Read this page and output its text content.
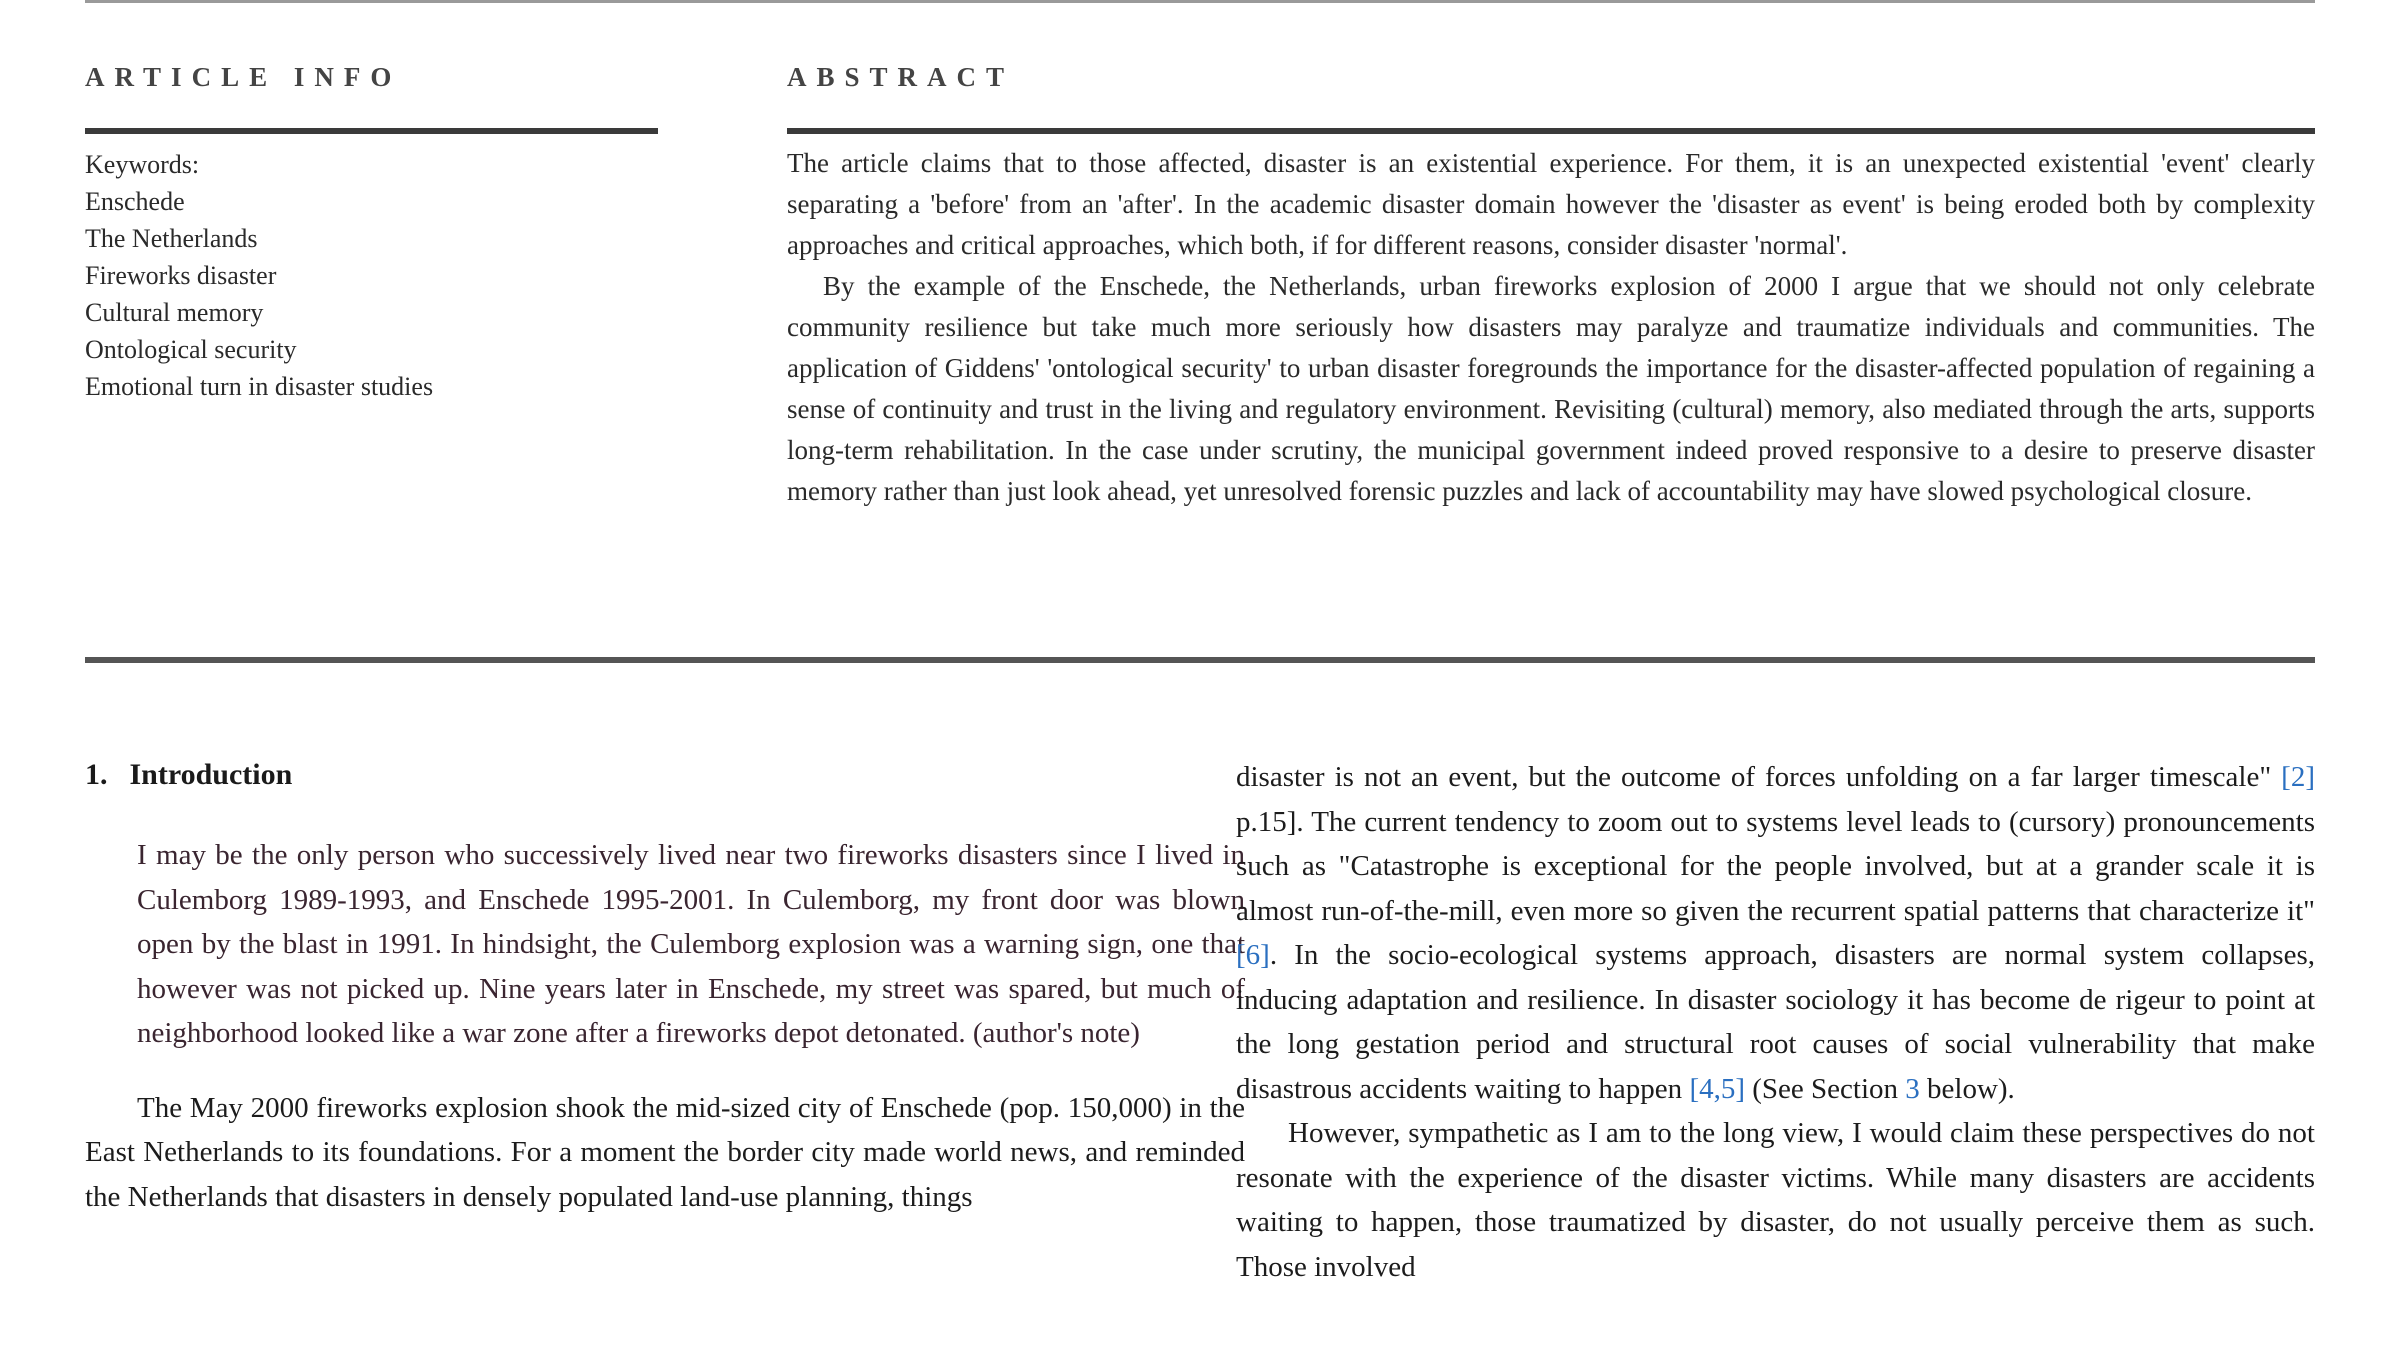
ARTICLE INFO	ABSTRACT

Keywords:

Enschede

The Netherlands

Fireworks disaster

Cultural memory

Ontological security

Emotional turn in disaster studies

The article claims that to those affected, disaster is an existential experience. For them, it is an unexpected existential 'event' clearly separating a 'before' from an 'after'. In the academic disaster domain however the 'disaster as event' is being eroded both by complexity approaches and critical approaches, which both, if for different reasons, consider disaster 'normal'.

By the example of the Enschede, the Netherlands, urban fireworks explosion of 2000 I argue that we should not only celebrate community resilience but take much more seriously how disasters may paralyze and traumatize individuals and communities. The application of Giddens' 'ontological security' to urban disaster foregrounds the importance for the disaster-affected population of regaining a sense of continuity and trust in the living and regulatory environment. Revisiting (cultural) memory, also mediated through the arts, supports long-term rehabilitation. In the case under scrutiny, the municipal government indeed proved responsive to a desire to preserve disaster memory rather than just look ahead, yet unresolved forensic puzzles and lack of accountability may have slowed psychological closure.

1. Introduction

I may be the only person who successively lived near two fireworks disasters since I lived in Culemborg 1989-1993, and Enschede 1995-2001. In Culemborg, my front door was blown open by the blast in 1991. In hindsight, the Culemborg explosion was a warning sign, one that however was not picked up. Nine years later in Enschede, my street was spared, but much of neighborhood looked like a war zone after a fireworks depot detonated. (author's note)

The May 2000 fireworks explosion shook the mid-sized city of Enschede (pop. 150,000) in the East Netherlands to its foundations. For a moment the border city made world news, and reminded the Netherlands that disasters in densely populated land-use planning, things

disaster is not an event, but the outcome of forces unfolding on a far larger timescale" [2] p.15]. The current tendency to zoom out to systems level leads to (cursory) pronouncements such as "Catastrophe is exceptional for the people involved, but at a grander scale it is almost run-of-the-mill, even more so given the recurrent spatial patterns that characterize it" [6]. In the socio-ecological systems approach, disasters are normal system collapses, inducing adaptation and resilience. In disaster sociology it has become de rigeur to point at the long gestation period and structural root causes of social vulnerability that make disastrous accidents waiting to happen [4,5] (See Section 3 below).

However, sympathetic as I am to the long view, I would claim these perspectives do not resonate with the experience of the disaster victims. While many disasters are accidents waiting to happen, those traumatized by disaster, do not usually perceive them as such. Those involved
